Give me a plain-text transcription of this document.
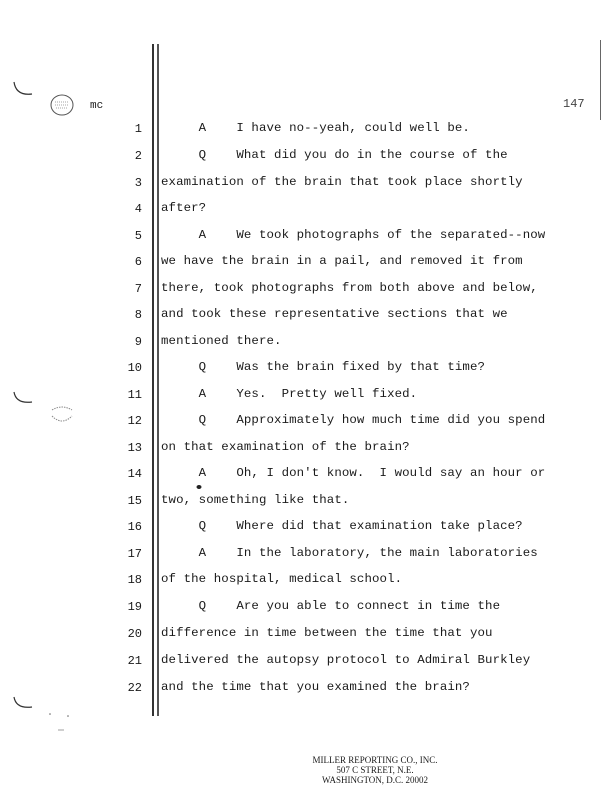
mc	147
1 A    I have no--yeah, could well be.
2 Q    What did you do in the course of the
3 examination of the brain that took place shortly
4 after?
5 A    We took photographs of the separated--now
6 we have the brain in a pail, and removed it from
7 there, took photographs from both above and below,
8 and took these representative sections that we
9 mentioned there.
10 Q    Was the brain fixed by that time?
11 A    Yes.  Pretty well fixed.
12 Q    Approximately how much time did you spend
13 on that examination of the brain?
14 A    Oh, I don't know.  I would say an hour or
15 two, something like that.
16 Q    Where did that examination take place?
17 A    In the laboratory, the main laboratories
18 of the hospital, medical school.
19 Q    Are you able to connect in time the
20 difference in time between the time that you
21 delivered the autopsy protocol to Admiral Burkley
22 and the time that you examined the brain?
MILLER REPORTING CO., INC.
507 C STREET, N.E.
WASHINGTON, D.C. 20002
